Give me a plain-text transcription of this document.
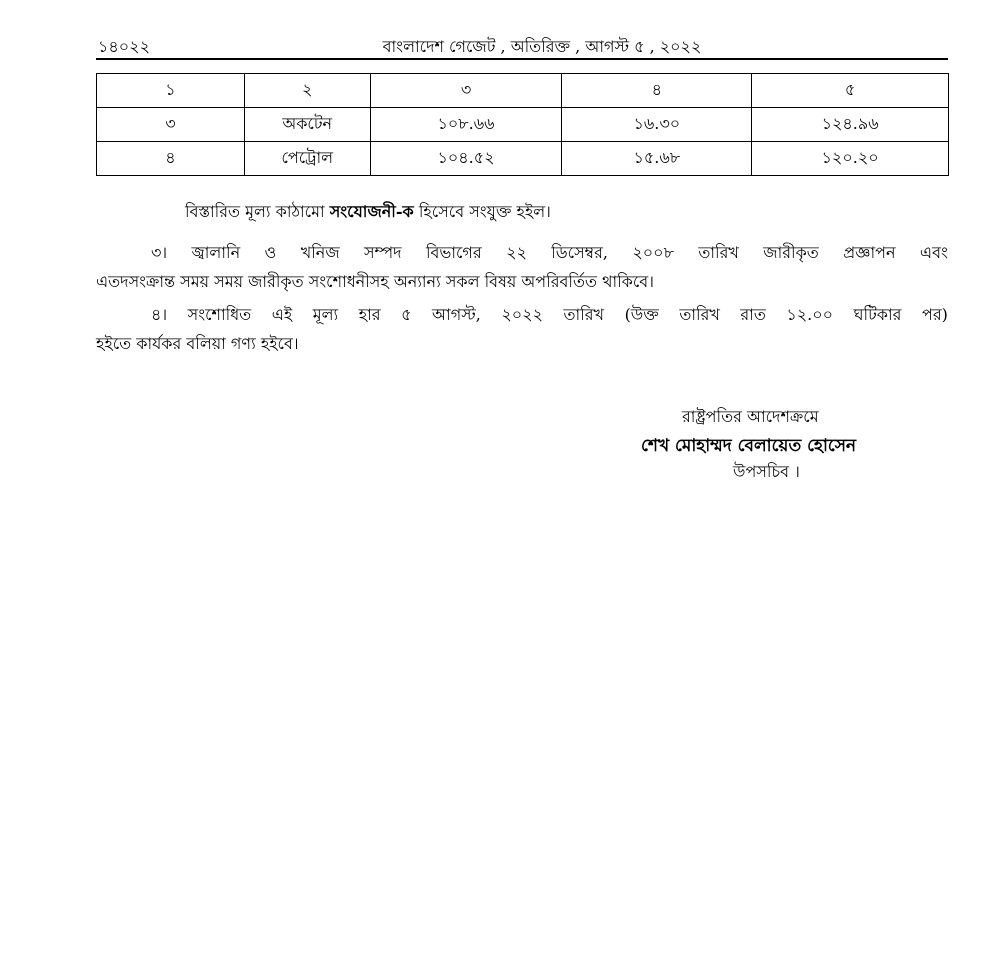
১৪০২২	বাংলাদেশ গেজেট , অতিরিক্ত , আগস্ট ৫ , ২০২২
১	২	৩	৪	৫
৩	অকটেন	১০৮.৬৬	১৬.৩০	১২৪.৯৬
৪	পেট্রোল	১০৪.৫২	১৫.৬৮	১২০.২০
বিস্তারিত মূল্য কাঠামো সংযোজনী-ক হিসেবে সংযুক্ত হইল।
৩। জ্বালানি ও খনিজ সম্পদ বিভাগের ২২ ডিসেম্বর, ২০০৮ তারিখ জারীকৃত প্রজ্ঞাপন এবং
এতদসংক্রান্ত সময় সময় জারীকৃত সংশোধনীসহ অন্যান্য সকল বিষয় অপরিবর্তিত থাকিবে।
৪। সংশোধিত এই মূল্য হার ৫ আগস্ট, ২০২২ তারিখ (উক্ত তারিখ রাত ১২.০০ ঘটিকার পর)
হইতে কার্যকর বলিয়া গণ্য হইবে।
রাষ্ট্রপতির আদেশক্রমে
শেখ মোহাম্মদ বেলায়েত হোসেন
উপসচিব ।
